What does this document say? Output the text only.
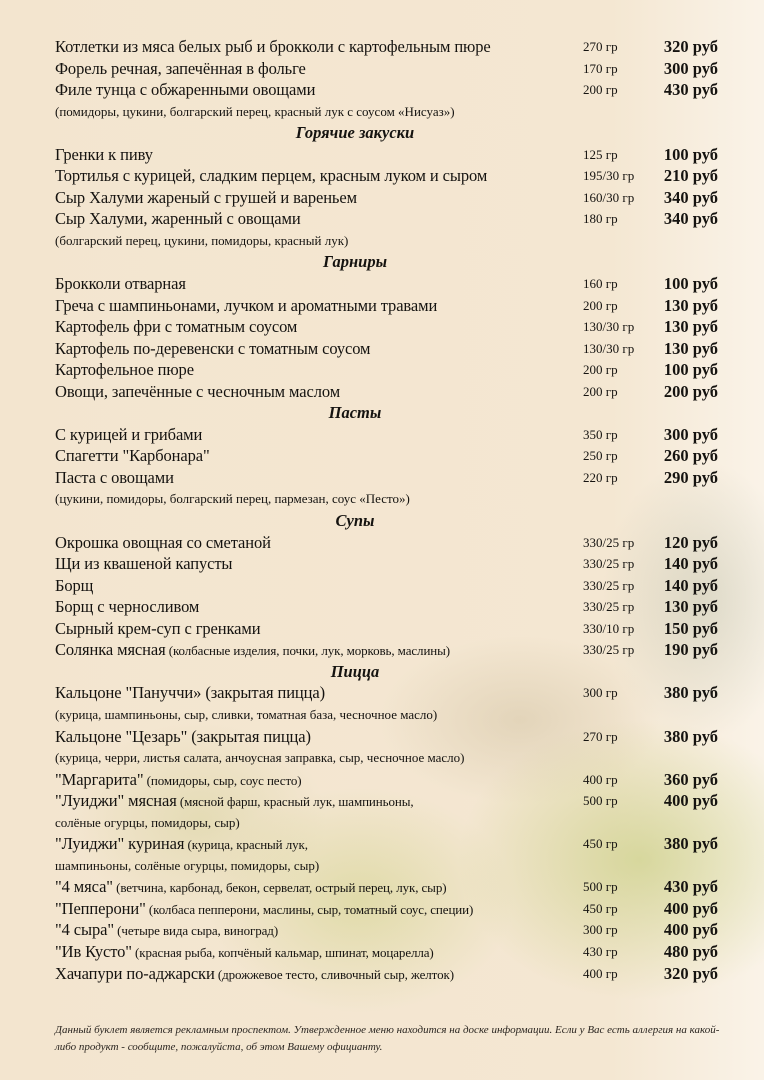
Котлетки из мяса белых рыб и брокколи с картофельным пюре	270 гр	320 руб
Форель речная, запечённая в фольге	170 гр	300 руб
Филе тунца с обжаренными овощами	200 гр	430 руб
(помидоры, цукини, болгарский перец, красный лук с соусом «Нисуаз»)
Горячие закуски
Гренки к пиву	125 гр	100 руб
Тортилья с курицей, сладким перцем, красным луком и сыром	195/30 гр 210 руб
Сыр Халуми жареный с грушей и вареньем	160/30 гр 340 руб
Сыр Халуми, жаренный с овощами	180 гр	340 руб
(болгарский перец, цукини, помидоры, красный лук)
Гарниры
Брокколи отварная	160 гр	100 руб
Греча с шампиньонами, лучком и ароматными травами	200 гр	130 руб
Картофель фри с томатным соусом	130/30 гр 130 руб
Картофель по-деревенски с томатным соусом	130/30 гр 130 руб
Картофельное пюре	200 гр	100 руб
Овощи, запечённые с чесночным маслом	200 гр	200 руб
Пасты
С курицей и грибами	350 гр	300 руб
Спагетти "Карбонара"	250 гр	260 руб
Паста с овощами	220 гр	290 руб
(цукини, помидоры, болгарский перец, пармезан, соус «Песто»)
Супы
Окрошка овощная со сметаной	330/25 гр 120 руб
Щи из квашеной капусты	330/25 гр 140 руб
Борщ	330/25 гр 140 руб
Борщ с черносливом	330/25 гр 130 руб
Сырный крем-суп с гренками	330/10 гр 150 руб
Солянка мясная (колбасные изделия, почки, лук, морковь, маслины)	330/25 гр 190 руб
Пицца
Кальцоне "Пануччи» (закрытая пицца)	300 гр	380 руб
(курица, шампиньоны, сыр, сливки, томатная база, чесночное масло)
Кальцоне "Цезарь" (закрытая пицца)	270 гр	380 руб
(курица, черри, листья салата, анчоусная заправка, сыр, чесночное масло)
"Маргарита" (помидоры, сыр, соус песто)	400 гр	360 руб
"Луиджи" мясная (мясной фарш, красный лук, шампиньоны,	500 гр	400 руб
солёные огурцы, помидоры, сыр)
"Луиджи" куриная (курица, красный лук,	450 гр	380 руб
шампиньоны, солёные огурцы, помидоры, сыр)
"4 мяса" (ветчина, карбонад, бекон, сервелат, острый перец, лук, сыр)	500 гр	430 руб
"Пепперони" (колбаса пепперони, маслины, сыр, томатный соус, специи)	450 гр	400 руб
"4 сыра" (четыре вида сыра, виноград)	300 гр	400 руб
"Ив Кусто" (красная рыба, копчёный кальмар, шпинат, моцарелла)	430 гр	480 руб
Хачапури по-аджарски (дрожжевое тесто, сливочный сыр, желток)	400 гр	320 руб
Данный буклет является рекламным проспектом. Утвержденное меню находится на доске информации. Если у Вас есть аллергия на какой-либо продукт - сообщите, пожалуйста, об этом Вашему официанту.
